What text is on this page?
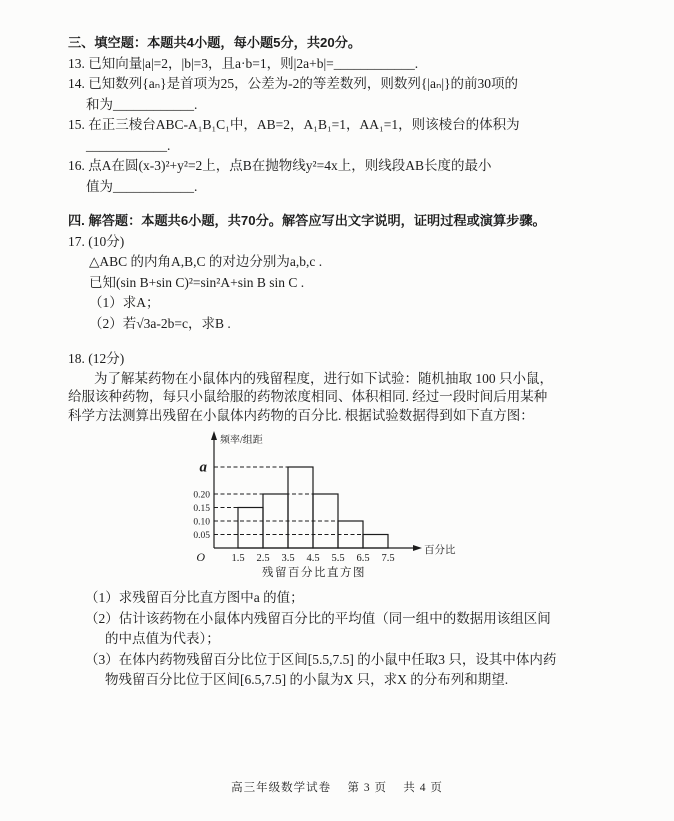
三、填空题：本题共4小题，每小题5分，共20分。
13. 已知向量|a|=2，|b|=3，且a·b=1，则|2a+b|=____________.
14. 已知数列{aₙ}是首项为25，公差为-2的等差数列，则数列{|aₙ|}的前30项的
和为____________.
15. 在正三棱台ABC-A₁B₁C₁中，AB=2，A₁B₁=1，AA₁=1，则该棱台的体积为
____________.
16. 点A在圆(x-3)²+y²=2上，点B在抛物线y²=4x上，则线段AB长度的最小
值为____________.
四. 解答题：本题共6小题，共70分。解答应写出文字说明，证明过程或演算步骤。
17. (10分)
△ABC 的内角A,B,C 的对边分别为a,b,c .
已知(sin B+sin C)²=sin²A+sin B sin C .
（1）求A；
（2）若√3a-2b=c，求B .
18. (12分)
为了解某药物在小鼠体内的残留程度，进行如下试验：随机抽取 100 只小鼠，
给服该种药物，每只小鼠给服的药物浓度相同、体积相同. 经过一段时间后用某种
科学方法测算出残留在小鼠体内药物的百分比. 根据试验数据得到如下直方图：
0.05
0.10
0.15
0.20
a
1.5 2.5 3.5 4.5 5.5 6.5 7.5
O
频率/组距
百分比
残留百分比直方图
（1）求残留百分比直方图中a 的值；
（2）估计该药物在小鼠体内残留百分比的平均值（同一组中的数据用该组区间
的中点值为代表）；
（3）在体内药物残留百分比位于区间[5.5,7.5] 的小鼠中任取3 只，设其中体内药
物残留百分比位于区间[6.5,7.5] 的小鼠为X 只，求X 的分布列和期望.
高三年级数学试卷　 第 3 页　 共 4 页
